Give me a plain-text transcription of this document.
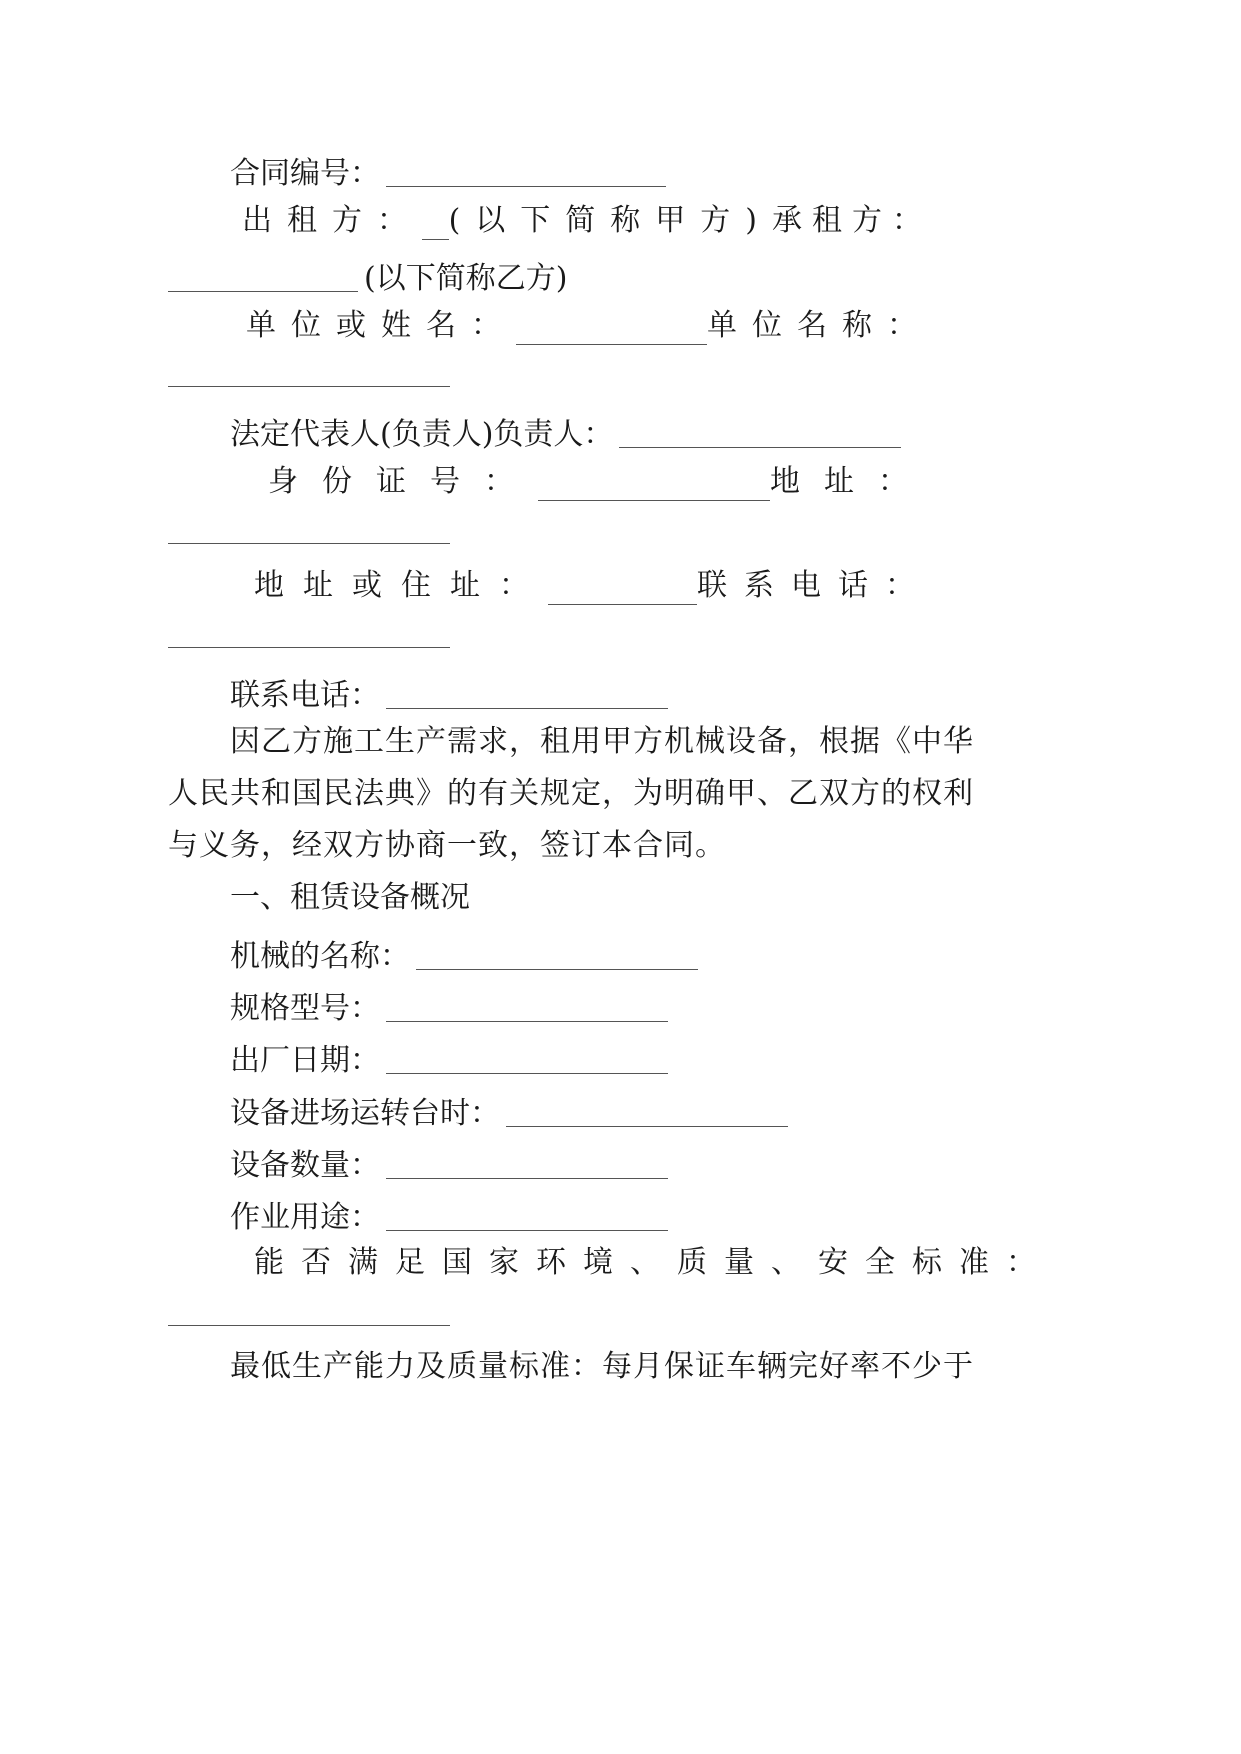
合同编号：
出租方： (以下简称甲方) 承租方：
(以下简称乙方)
单位或姓名：	单位名称：
法定代表人(负责人)负责人：
身份证号：	地址：
地址或住址：	联系电话：
联系电话：
因乙方施工生产需求，租用甲方机械设备，根据《中华
人民共和国民法典》的有关规定，为明确甲、乙双方的权利
与义务，经双方协商一致，签订本合同。
一、租赁设备概况
机械的名称：
规格型号：
出厂日期：
设备进场运转台时：
设备数量：
作业用途：
能否满足国家环境、质量、安全标准：
最低生产能力及质量标准：每月保证车辆完好率不少于
